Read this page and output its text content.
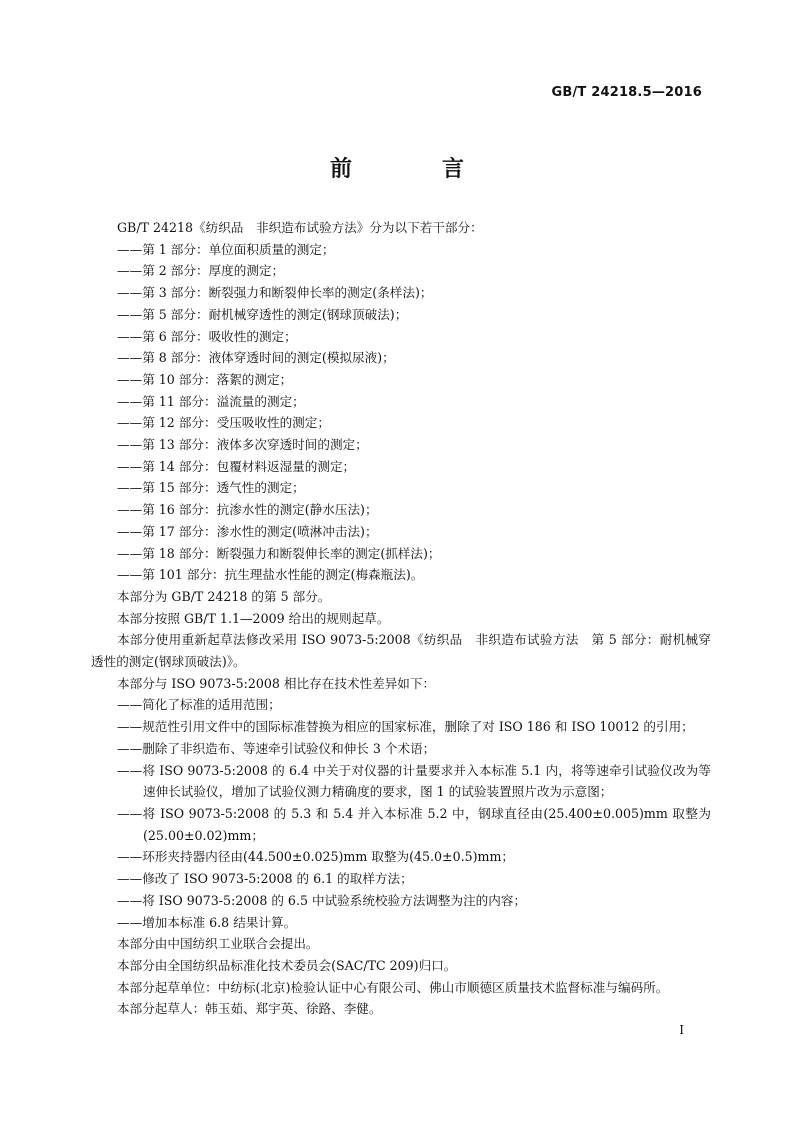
GB/T 24218.5—2016
前　言

GB/T 24218《纺织品　非织造布试验方法》分为以下若干部分：

——第 1 部分：单位面积质量的测定；

——第 2 部分：厚度的测定；

——第 3 部分：断裂强力和断裂伸长率的测定(条样法)；

——第 5 部分：耐机械穿透性的测定(钢球顶破法)；

——第 6 部分：吸收性的测定；

——第 8 部分：液体穿透时间的测定(模拟尿液)；

——第 10 部分：落絮的测定；

——第 11 部分：溢流量的测定；

——第 12 部分：受压吸收性的测定；

——第 13 部分：液体多次穿透时间的测定；

——第 14 部分：包覆材料返湿量的测定；

——第 15 部分：透气性的测定；

——第 16 部分：抗渗水性的测定(静水压法)；

——第 17 部分：渗水性的测定(喷淋冲击法)；

——第 18 部分：断裂强力和断裂伸长率的测定(抓样法)；

——第 101 部分：抗生理盐水性能的测定(梅森瓶法)。

本部分为 GB/T 24218 的第 5 部分。

本部分按照 GB/T 1.1—2009 给出的规则起草。

本部分使用重新起草法修改采用 ISO 9073-5:2008《纺织品　非织造布试验方法　第 5 部分：耐机械穿透性的测定(钢球顶破法)》。

本部分与 ISO 9073-5:2008 相比存在技术性差异如下：

——简化了标准的适用范围；

——规范性引用文件中的国际标准替换为相应的国家标准，删除了对 ISO 186 和 ISO 10012 的引用；

——删除了非织造布、等速牵引试验仪和伸长 3 个术语；

——将 ISO 9073-5:2008 的 6.4 中关于对仪器的计量要求并入本标准 5.1 内，将等速牵引试验仪改为等速伸长试验仪，增加了试验仪测力精确度的要求，图 1 的试验装置照片改为示意图；

——将 ISO 9073-5:2008 的 5.3 和 5.4 并入本标准 5.2 中，钢球直径由(25.400±0.005)mm 取整为(25.00±0.02)mm；

——环形夹持器内径由(44.500±0.025)mm 取整为(45.0±0.5)mm；

——修改了 ISO 9073-5:2008 的 6.1 的取样方法；

——将 ISO 9073-5:2008 的 6.5 中试验系统校验方法调整为注的内容；

——增加本标准 6.8 结果计算。

本部分由中国纺织工业联合会提出。

本部分由全国纺织品标准化技术委员会(SAC/TC 209)归口。

本部分起草单位：中纺标(北京)检验认证中心有限公司、佛山市顺德区质量技术监督标准与编码所。

本部分起草人：韩玉茹、郑宇英、徐路、李健。

I
